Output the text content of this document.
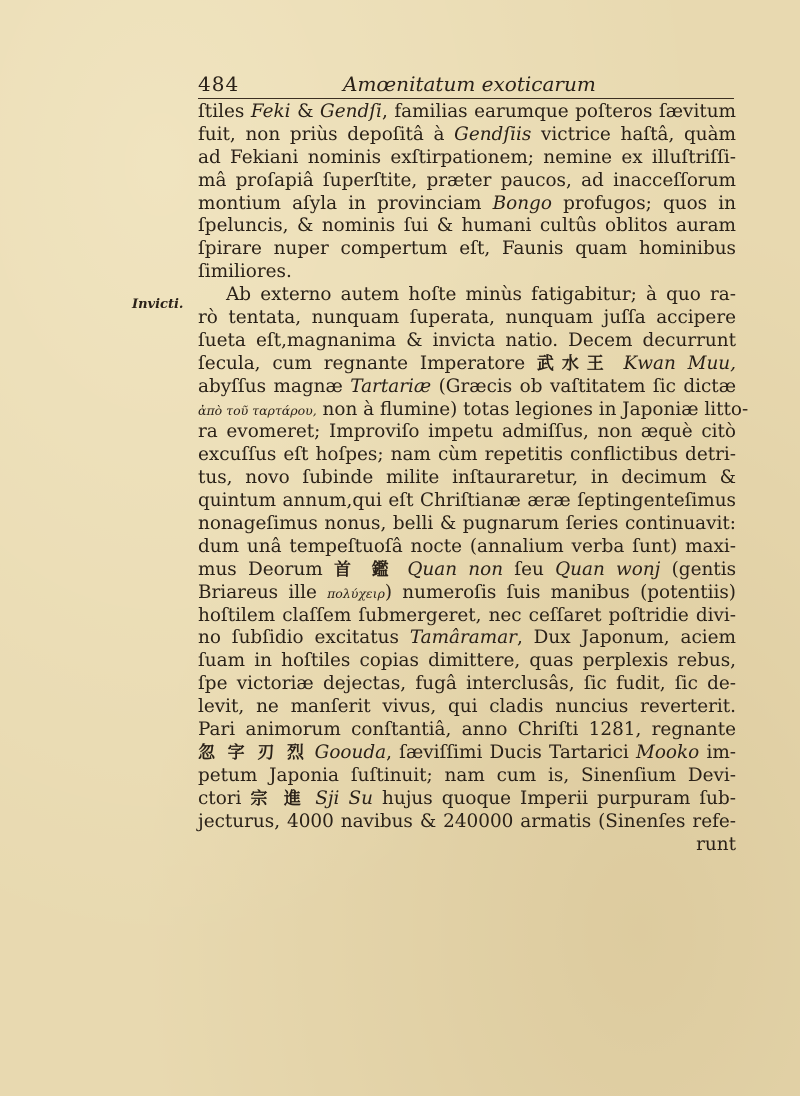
484	Amœnitatum exoticarum
Invicti.
ſtiles Feki & Gendſi, familias earumque poſteros ſævitum
fuit, non priùs depoſitâ à Gendſiis victrice haſtâ, quàm
ad Fekiani nominis exſtirpationem; nemine ex illuſtriſſi-
mâ proſapiâ ſuperſtite, præter paucos, ad inacceſſorum
montium aſyla in provinciam Bongo profugos; quos in
ſpeluncis, & nominis ſui & humani cultûs oblitos auram
ſpirare nuper compertum eſt, Faunis quam hominibus
ſimiliores.
Ab externo autem hoſte minùs fatigabitur; à quo ra-
rò tentata, nunquam ſuperata, nunquam juſſa accipere
ſueta eſt,magnanima & invicta natio. Decem decurrunt
ſecula, cum regnante Imperatore 武水王 Kwan Muu,
abyſſus magnæ Tartariæ (Græcis ob vaſtitatem ſic dictæ
ἀπὸ τοῦ ταρτάρου, non à flumine) totas legiones in Japoniæ litto-
ra evomeret; Improviſo impetu admiſſus, non æquè citò
excuſſus eſt hoſpes; nam cùm repetitis conflictibus detri-
tus, novo ſubinde milite inſtauraretur, in decimum &
quintum annum,qui eſt Chriſtianæ æræ ſeptingenteſimus
nonageſimus nonus, belli & pugnarum ſeries continuavit:
dum unâ tempeſtuoſâ nocte (annalium verba ſunt) maxi-
mus Deorum 首 鑑 Quan non ſeu Quan wonj (gentis
Briareus ille πολύχειρ) numeroſis ſuis manibus (potentiis)
hoſtilem claſſem ſubmergeret, nec ceſſaret poſtridie divi-
no ſubſidio excitatus Tamâramar, Dux Japonum, aciem
ſuam in hoſtiles copias dimittere, quas perplexis rebus,
ſpe victoriæ dejectas, fugâ interclusâs, ſic fudit, ſic de-
levit, ne manſerit vivus, qui cladis nuncius reverterit.
Pari animorum conſtantiâ, anno Chriſti 1281, regnante
忽 字 刃 烈 Goouda, ſæviſſimi Ducis Tartarici Mooko im-
petum Japonia ſuſtinuit; nam cum is, Sinenſium Devi-
ctori 宗 進 Sji Su hujus quoque Imperii purpuram ſub-
jecturus, 4000 navibus & 240000 armatis (Sinenſes refe-
runt
